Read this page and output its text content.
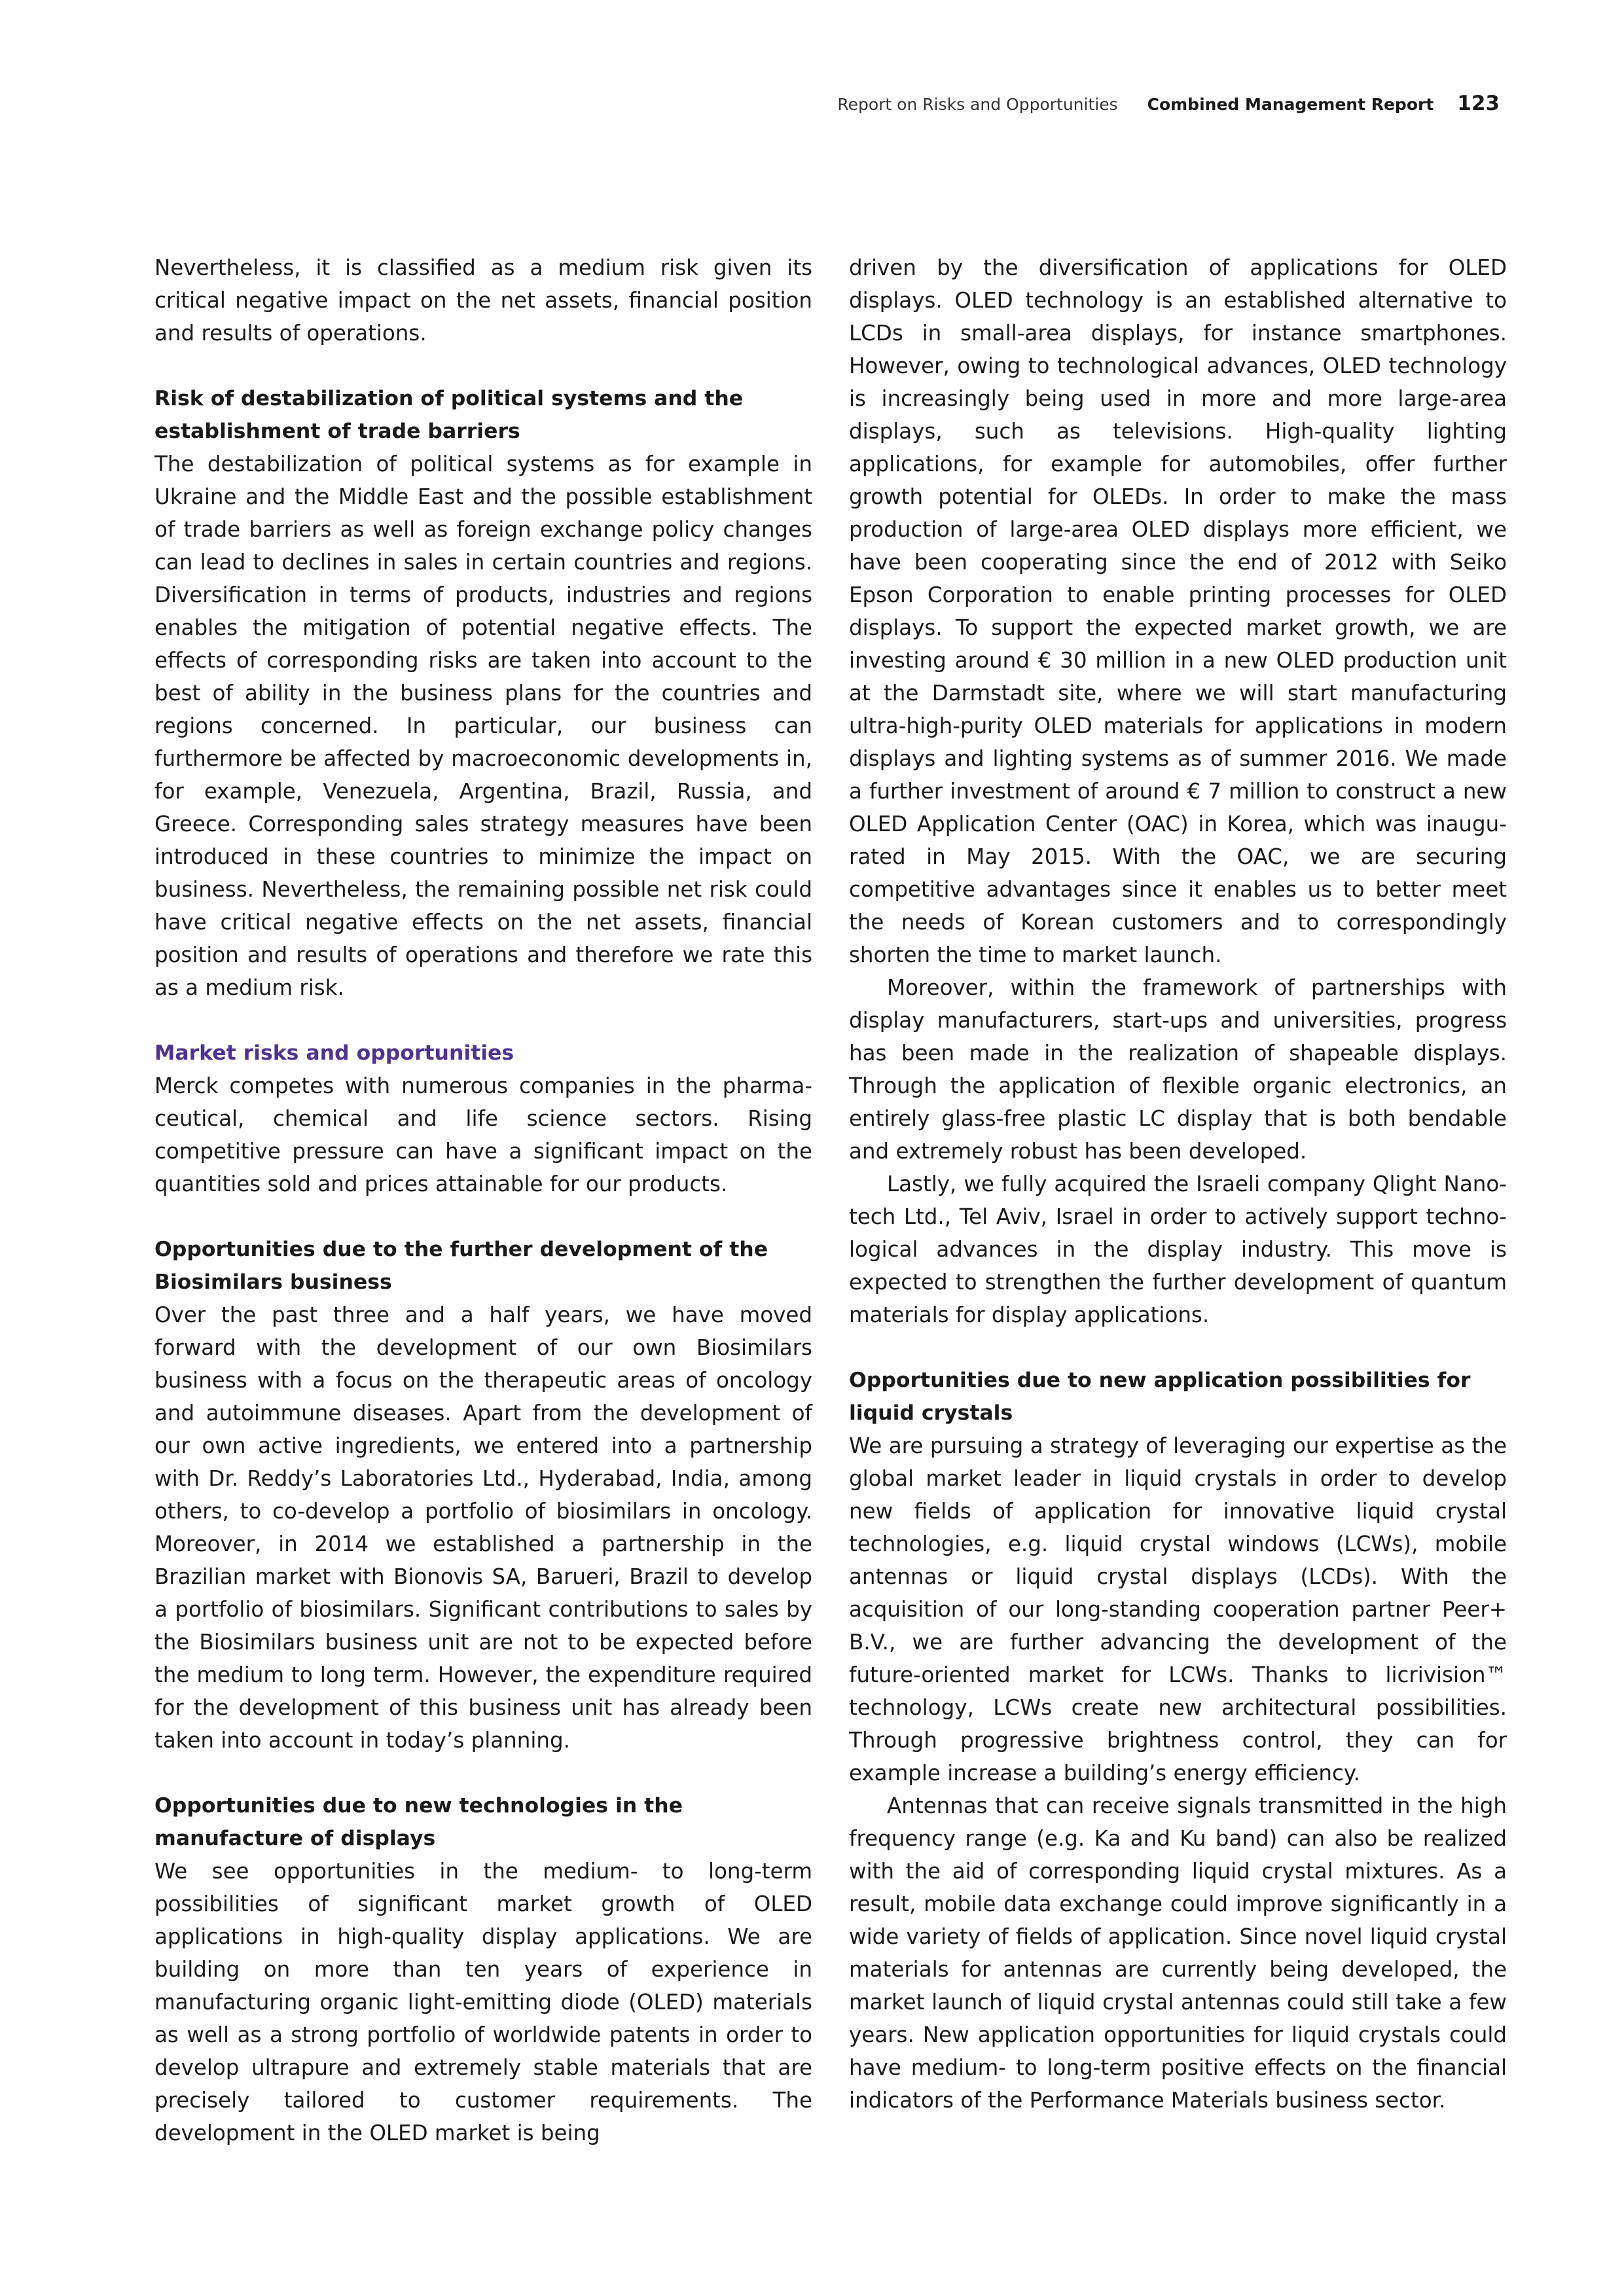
Report on Risks and Opportunities Combined Management Report 123

Nevertheless, it is classified as a medium risk given its critical negative impact on the net assets, financial position and results of operations.

Risk of destabilization of political systems and the establishment of trade barriers

The destabilization of political systems as for example in Ukraine and the Middle East and the possible establishment of trade barriers as well as foreign exchange policy changes can lead to declines in sales in certain countries and regions. Diversification in terms of products, industries and regions enables the mitigation of potential negative effects. The effects of corresponding risks are taken into account to the best of ability in the business plans for the countries and regions concerned. In particular, our business can furthermore be affected by macroeconomic developments in, for example, Venezuela, Argentina, Brazil, Russia, and Greece. Corresponding sales strategy measures have been introduced in these countries to minimize the impact on business. Nevertheless, the remaining possible net risk could have critical negative effects on the net assets, financial position and results of operations and therefore we rate this as a medium risk.

Market risks and opportunities

Merck competes with numerous companies in the pharmaceutical, chemical and life science sectors. Rising competitive pressure can have a significant impact on the quantities sold and prices attainable for our products.

Opportunities due to the further development of the Biosimilars business

Over the past three and a half years, we have moved forward with the development of our own Biosimilars business with a focus on the therapeutic areas of oncology and autoimmune diseases. Apart from the development of our own active ingredients, we entered into a partnership with Dr. Reddy’s Laboratories Ltd., Hyderabad, India, among others, to co-develop a portfolio of biosimilars in oncology. Moreover, in 2014 we established a partnership in the Brazilian market with Bionovis SA, Barueri, Brazil to develop a portfolio of biosimilars. Significant contributions to sales by the Biosimilars business unit are not to be expected before the medium to long term. However, the expenditure required for the development of this business unit has already been taken into account in today’s planning.

Opportunities due to new technologies in the manufacture of displays

We see opportunities in the medium- to long-term possibilities of significant market growth of OLED applications in high-quality display applications. We are building on more than ten years of experience in manufacturing organic light-emitting diode (OLED) materials as well as a strong portfolio of worldwide patents in order to develop ultrapure and extremely stable materials that are precisely tailored to customer requirements. The development in the OLED market is being

driven by the diversification of applications for OLED displays. OLED technology is an established alternative to LCDs in small-area displays, for instance smartphones. However, owing to technological advances, OLED technology is increasingly being used in more and more large-area displays, such as televisions. High-quality lighting applications, for example for automobiles, offer further growth potential for OLEDs. In order to make the mass production of large-area OLED displays more efficient, we have been cooperating since the end of 2012 with Seiko Epson Corporation to enable printing processes for OLED displays. To support the expected market growth, we are investing around € 30 million in a new OLED production unit at the Darmstadt site, where we will start manufacturing ultra-high-purity OLED materials for applications in modern displays and lighting systems as of summer 2016. We made a further investment of around € 7 million to construct a new OLED Application Center (OAC) in Korea, which was inaugurated in May 2015. With the OAC, we are securing competitive advantages since it enables us to better meet the needs of Korean customers and to correspondingly shorten the time to market launch.

Moreover, within the framework of partnerships with display manufacturers, start-ups and universities, progress has been made in the realization of shapeable displays. Through the application of flexible organic electronics, an entirely glass-free plastic LC display that is both bendable and extremely robust has been developed.

Lastly, we fully acquired the Israeli company Qlight Nanotech Ltd., Tel Aviv, Israel in order to actively support technological advances in the display industry. This move is expected to strengthen the further development of quantum materials for display applications.

Opportunities due to new application possibilities for liquid crystals

We are pursuing a strategy of leveraging our expertise as the global market leader in liquid crystals in order to develop new fields of application for innovative liquid crystal technologies, e.g. liquid crystal windows (LCWs), mobile antennas or liquid crystal displays (LCDs). With the acquisition of our long-standing cooperation partner Peer+ B.V., we are further advancing the development of the future-oriented market for LCWs. Thanks to licrivision™ technology, LCWs create new architectural possibilities. Through progressive brightness control, they can for example increase a building’s energy efficiency.

Antennas that can receive signals transmitted in the high frequency range (e.g. Ka and Ku band) can also be realized with the aid of corresponding liquid crystal mixtures. As a result, mobile data exchange could improve significantly in a wide variety of fields of application. Since novel liquid crystal materials for antennas are currently being developed, the market launch of liquid crystal antennas could still take a few years. New application opportunities for liquid crystals could have medium- to long-term positive effects on the financial indicators of the Performance Materials business sector.
